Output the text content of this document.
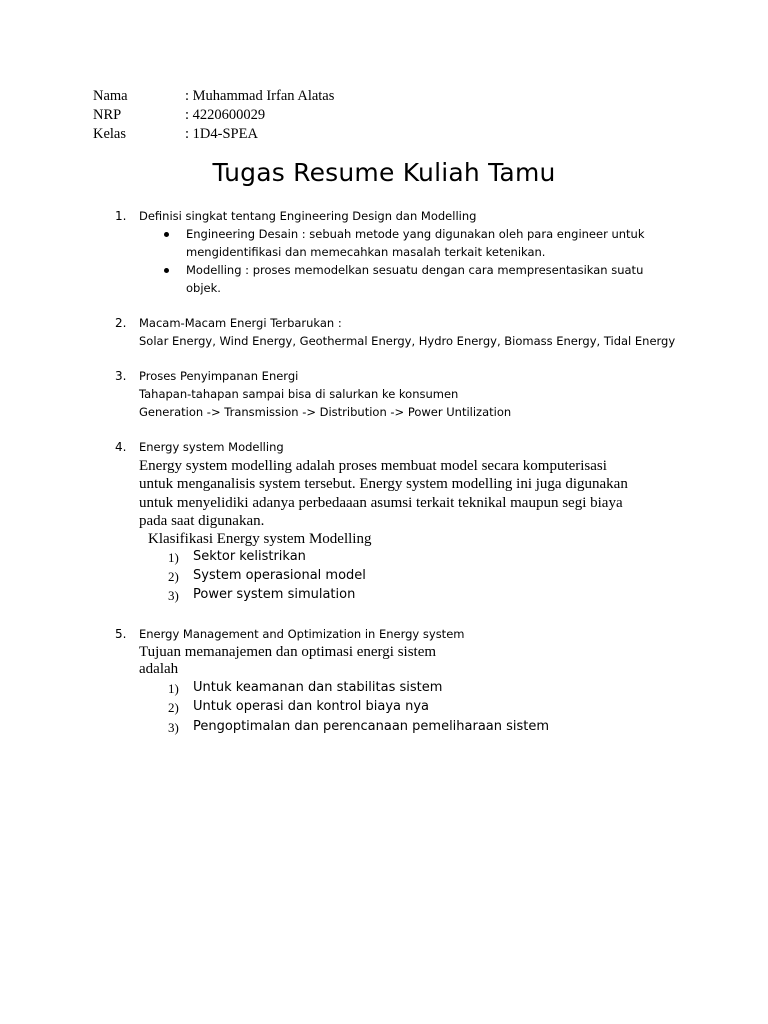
Nama	: Muhammad Irfan Alatas
NRP	: 4220600029
Kelas	: 1D4-SPEA
Tugas Resume Kuliah Tamu
1. Definisi singkat tentang Engineering Design dan Modelling
Engineering Desain : sebuah metode yang digunakan oleh para engineer untuk
mengidentifikasi dan memecahkan masalah terkait ketenikan.
Modelling : proses memodelkan sesuatu dengan cara mempresentasikan suatu
objek.
2. Macam-Macam Energi Terbarukan :
Solar Energy, Wind Energy, Geothermal Energy, Hydro Energy, Biomass Energy, Tidal Energy
3. Proses Penyimpanan Energi
Tahapan-tahapan sampai bisa di salurkan ke konsumen
Generation -> Transmission -> Distribution -> Power Untilization
4. Energy system Modelling
Energy system modelling adalah proses membuat model secara komputerisasi
untuk menganalisis system tersebut. Energy system modelling ini juga digunakan
untuk menyelidiki adanya perbedaaan asumsi terkait teknikal maupun segi biaya
pada saat digunakan.
Klasifikasi Energy system Modelling
1) Sektor kelistrikan
2) System operasional model
3) Power system simulation
5. Energy Management and Optimization in Energy system
Tujuan memanajemen dan optimasi energi sistem
adalah
1) Untuk keamanan dan stabilitas sistem
2) Untuk operasi dan kontrol biaya nya
3) Pengoptimalan dan perencanaan pemeliharaan sistem
